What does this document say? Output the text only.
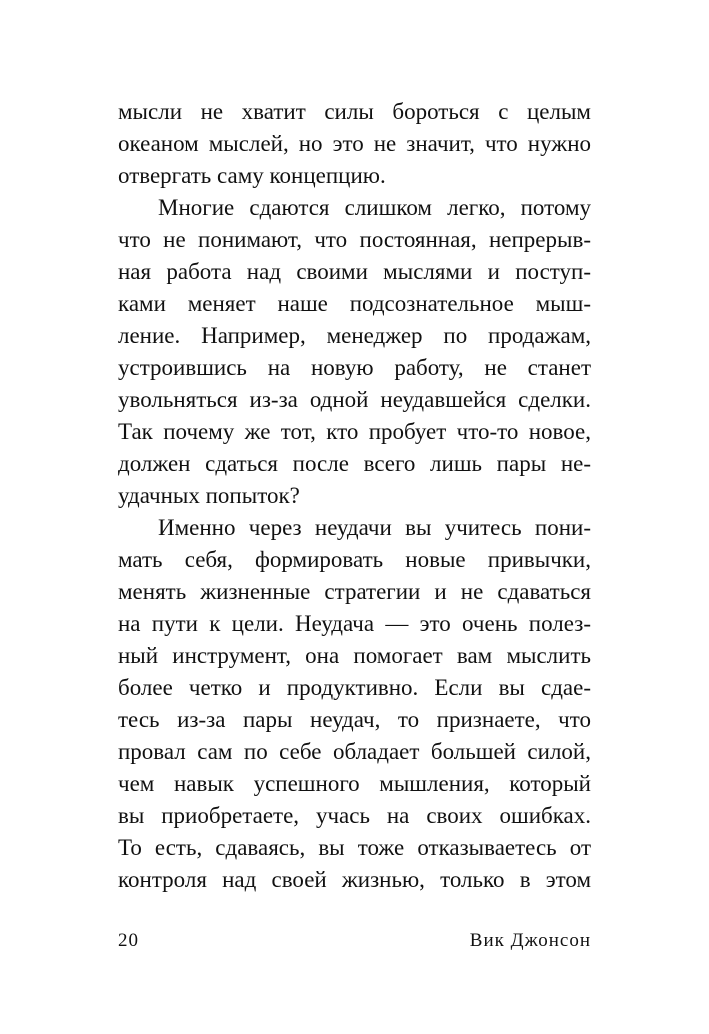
мысли не хватит силы бороться с целым
океаном мыслей, но это не значит, что нужно
отвергать саму концепцию.
Многие сдаются слишком легко, потому
что не понимают, что постоянная, непрерыв-
ная работа над своими мыслями и поступ-
ками меняет наше подсознательное мыш-
ление. Например, менеджер по продажам,
устроившись на новую работу, не станет
увольняться из-за одной неудавшейся сделки.
Так почему же тот, кто пробует что-то новое,
должен сдаться после всего лишь пары не-
удачных попыток?
Именно через неудачи вы учитесь пони-
мать себя, формировать новые привычки,
менять жизненные стратегии и не сдаваться
на пути к цели. Неудача — это очень полез-
ный инструмент, она помогает вам мыслить
более четко и продуктивно. Если вы сдае-
тесь из-за пары неудач, то признаете, что
провал сам по себе обладает большей силой,
чем навык успешного мышления, который
вы приобретаете, учась на своих ошибках.
То есть, сдаваясь, вы тоже отказываетесь от
контроля над своей жизнью, только в этом
20	Вик Джонсон
